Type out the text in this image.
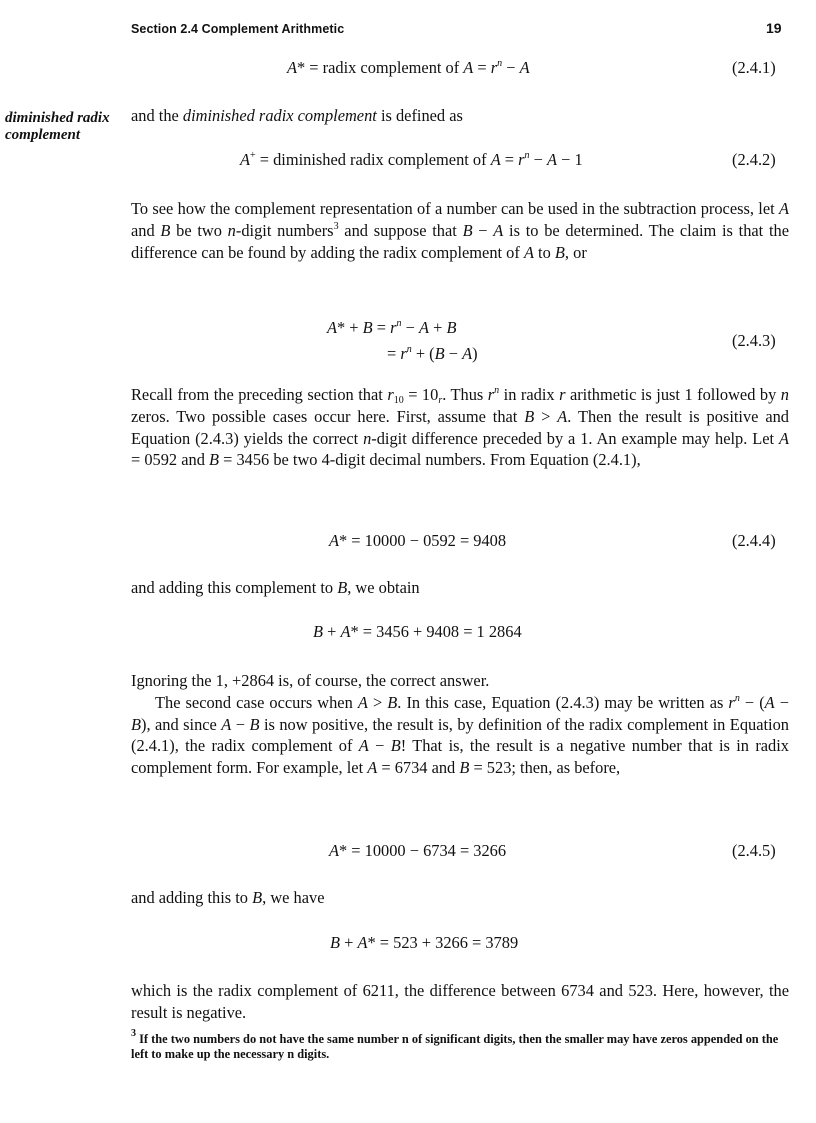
Section 2.4 Complement Arithmetic	19
A* = radix complement of $A = r^n - A$	(2.4.1)
diminished radix complement
and the diminished radix complement is defined as
A+ = diminished radix complement of $A = r^n - A - 1$	(2.4.2)

To see how the complement representation of a number can be used in the subtraction process, let A and B be two n-digit numbers$^3$ and suppose that B − A is to be determined. The claim is that the difference can be found by adding the radix complement of A to B, or

$A* + B = r^n - A + B$
= $r^n + (B - A)$
(2.4.3)

Recall from the preceding section that $r_{10} = 10_r$. Thus $r^n$ in radix r arithmetic is just 1 followed by n zeros. Two possible cases occur here. First, assume that B > A. Then the result is positive and Equation (2.4.3) yields the correct n-digit difference preceded by a 1. An example may help. Let A = 0592 and B = 3456 be two 4-digit decimal numbers. From Equation (2.4.1),

A* = 10000 − 0592 = 9408	(2.4.4)

and adding this complement to B, we obtain

B + A* = 3456 + 9408 = 1 2864

Ignoring the 1, +2864 is, of course, the correct answer.

The second case occurs when A > B. In this case, Equation (2.4.3) may be written as $r^n - (A - B)$, and since A − B is now positive, the result is, by definition of the radix complement in Equation (2.4.1), the radix complement of A − B! That is, the result is a negative number that is in radix complement form. For example, let A = 6734 and B = 523; then, as before,

A* = 10000 − 6734 = 3266	(2.4.5)

and adding this to B, we have

B + A* = 523 + 3266 = 3789

which is the radix complement of 6211, the difference between 6734 and 523. Here, however, the result is negative.

$^3$ If the two numbers do not have the same number n of significant digits, then the smaller may have zeros appended on the left to make up the necessary n digits.
